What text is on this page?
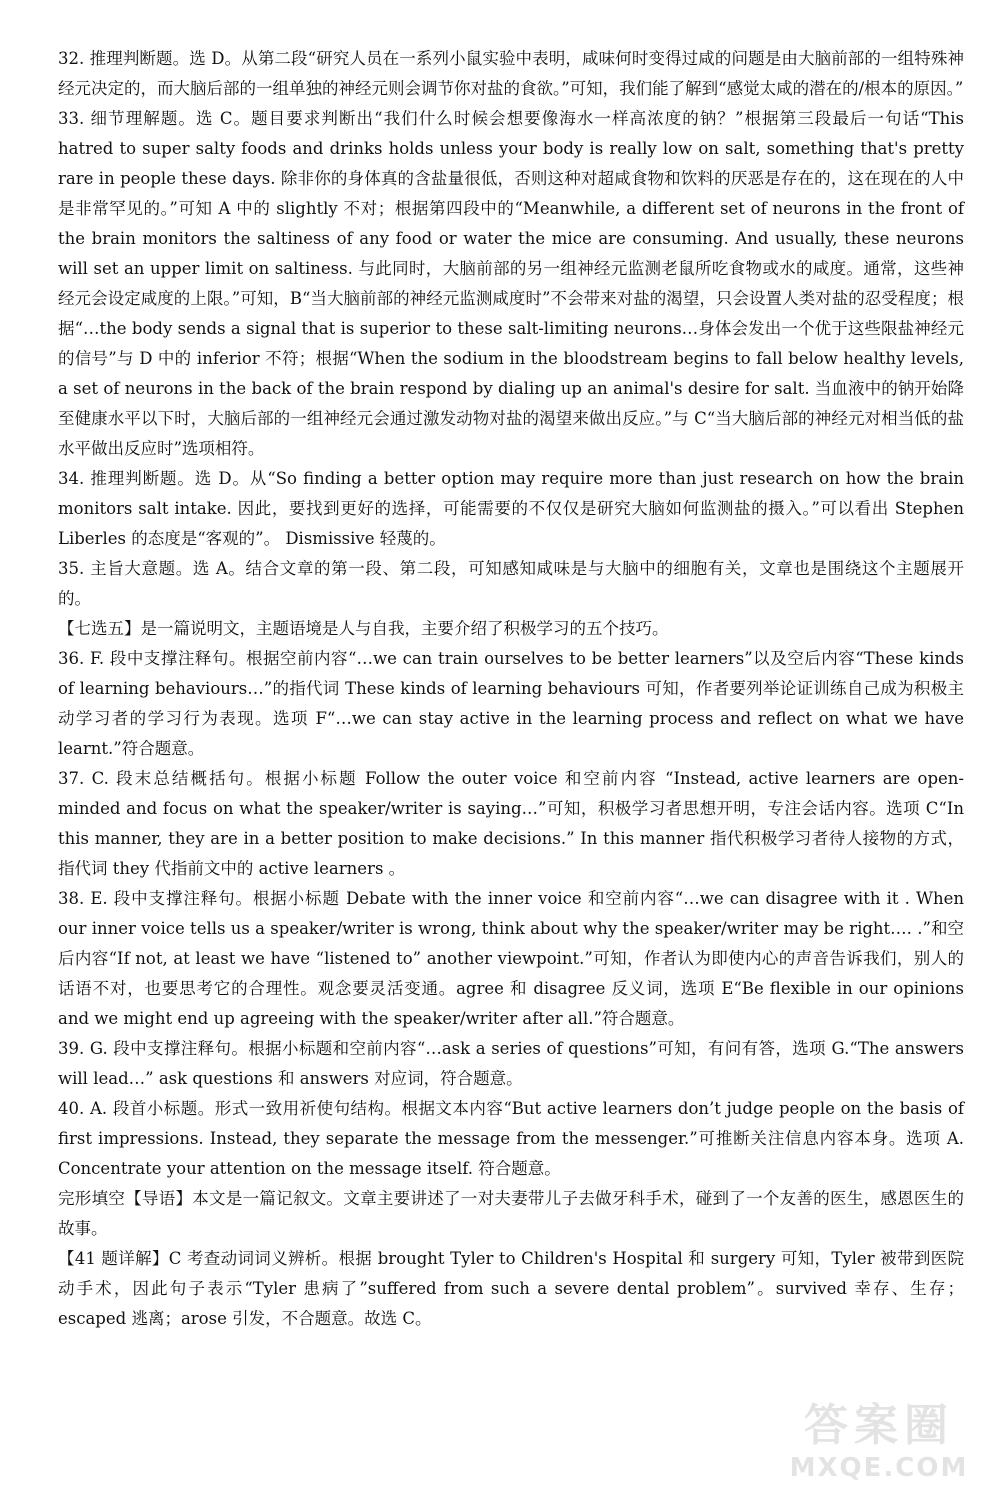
32. 推理判断题。选 D。从第二段“研究人员在一系列小鼠实验中表明，咸味何时变得过咸的问题是由大脑前部的一组特殊神经元决定的，而大脑后部的一组单独的神经元则会调节你对盐的食欲。”可知，我们能了解到“感觉太咸的潜在的/根本的原因。”

33. 细节理解题。选 C。题目要求判断出“我们什么时候会想要像海水一样高浓度的钠？”根据第三段最后一句话“This hatred to super salty foods and drinks holds unless your body is really low on salt, something that's pretty rare in people these days. 除非你的身体真的含盐量很低，否则这种对超咸食物和饮料的厌恶是存在的，这在现在的人中是非常罕见的。”可知 A 中的 slightly 不对；根据第四段中的“Meanwhile, a different set of neurons in the front of the brain monitors the saltiness of any food or water the mice are consuming. And usually, these neurons will set an upper limit on saltiness. 与此同时，大脑前部的另一组神经元监测老鼠所吃食物或水的咸度。通常，这些神经元会设定咸度的上限。”可知，B“当大脑前部的神经元监测咸度时”不会带来对盐的渴望，只会设置人类对盐的忍受程度；根据“…the body sends a signal that is superior to these salt-limiting neurons…身体会发出一个优于这些限盐神经元的信号”与 D 中的 inferior 不符；根据“When the sodium in the bloodstream begins to fall below healthy levels, a set of neurons in the back of the brain respond by dialing up an animal's desire for salt. 当血液中的钠开始降至健康水平以下时，大脑后部的一组神经元会通过激发动物对盐的渴望来做出反应。”与 C“当大脑后部的神经元对相当低的盐水平做出反应时”选项相符。

34. 推理判断题。选 D。从“So finding a better option may require more than just research on how the brain monitors salt intake. 因此，要找到更好的选择，可能需要的不仅仅是研究大脑如何监测盐的摄入。”可以看出 Stephen Liberles 的态度是“客观的”。 Dismissive 轻蔑的。

35. 主旨大意题。选 A。结合文章的第一段、第二段，可知感知咸味是与大脑中的细胞有关，文章也是围绕这个主题展开的。

【七选五】是一篇说明文，主题语境是人与自我，主要介绍了积极学习的五个技巧。

36. F. 段中支撑注释句。根据空前内容“…we can train ourselves to be better learners”以及空后内容“These kinds of learning behaviours…”的指代词 These kinds of learning behaviours 可知，作者要列举论证训练自己成为积极主动学习者的学习行为表现。选项 F“…we can stay active in the learning process and reflect on what we have learnt.”符合题意。

37. C. 段末总结概括句。根据小标题 Follow the outer voice 和空前内容 “Instead, active learners are open-minded and focus on what the speaker/writer is saying…”可知，积极学习者思想开明，专注会话内容。选项 C“In this manner, they are in a better position to make decisions.” In this manner 指代积极学习者待人接物的方式，指代词 they 代指前文中的 active learners 。

38. E. 段中支撑注释句。根据小标题 Debate with the inner voice 和空前内容“…we can disagree with it . When our inner voice tells us a speaker/writer is wrong, think about why the speaker/writer may be right…. .”和空后内容“If not, at least we have “listened to” another viewpoint.”可知，作者认为即使内心的声音告诉我们，别人的话语不对，也要思考它的合理性。观念要灵活变通。agree 和 disagree 反义词，选项 E“Be flexible in our opinions and we might end up agreeing with the speaker/writer after all.”符合题意。

39. G. 段中支撑注释句。根据小标题和空前内容“…ask a series of questions”可知，有问有答，选项 G.“The answers will lead…” ask questions 和 answers 对应词，符合题意。

40. A. 段首小标题。形式一致用祈使句结构。根据文本内容“But active learners don’t judge people on the basis of first impressions. Instead, they separate the message from the messenger.”可推断关注信息内容本身。选项 A. Concentrate your attention on the message itself. 符合题意。

完形填空【导语】本文是一篇记叙文。文章主要讲述了一对夫妻带儿子去做牙科手术，碰到了一个友善的医生，感恩医生的故事。

【41 题详解】C 考查动词词义辨析。根据 brought Tyler to Children's Hospital 和 surgery 可知，Tyler 被带到医院动手术，因此句子表示“Tyler 患病了”suffered from such a severe dental problem”。survived 幸存、生存； escaped 逃离；arose 引发，不合题意。故选 C。

答案圈
MXQE.COM
